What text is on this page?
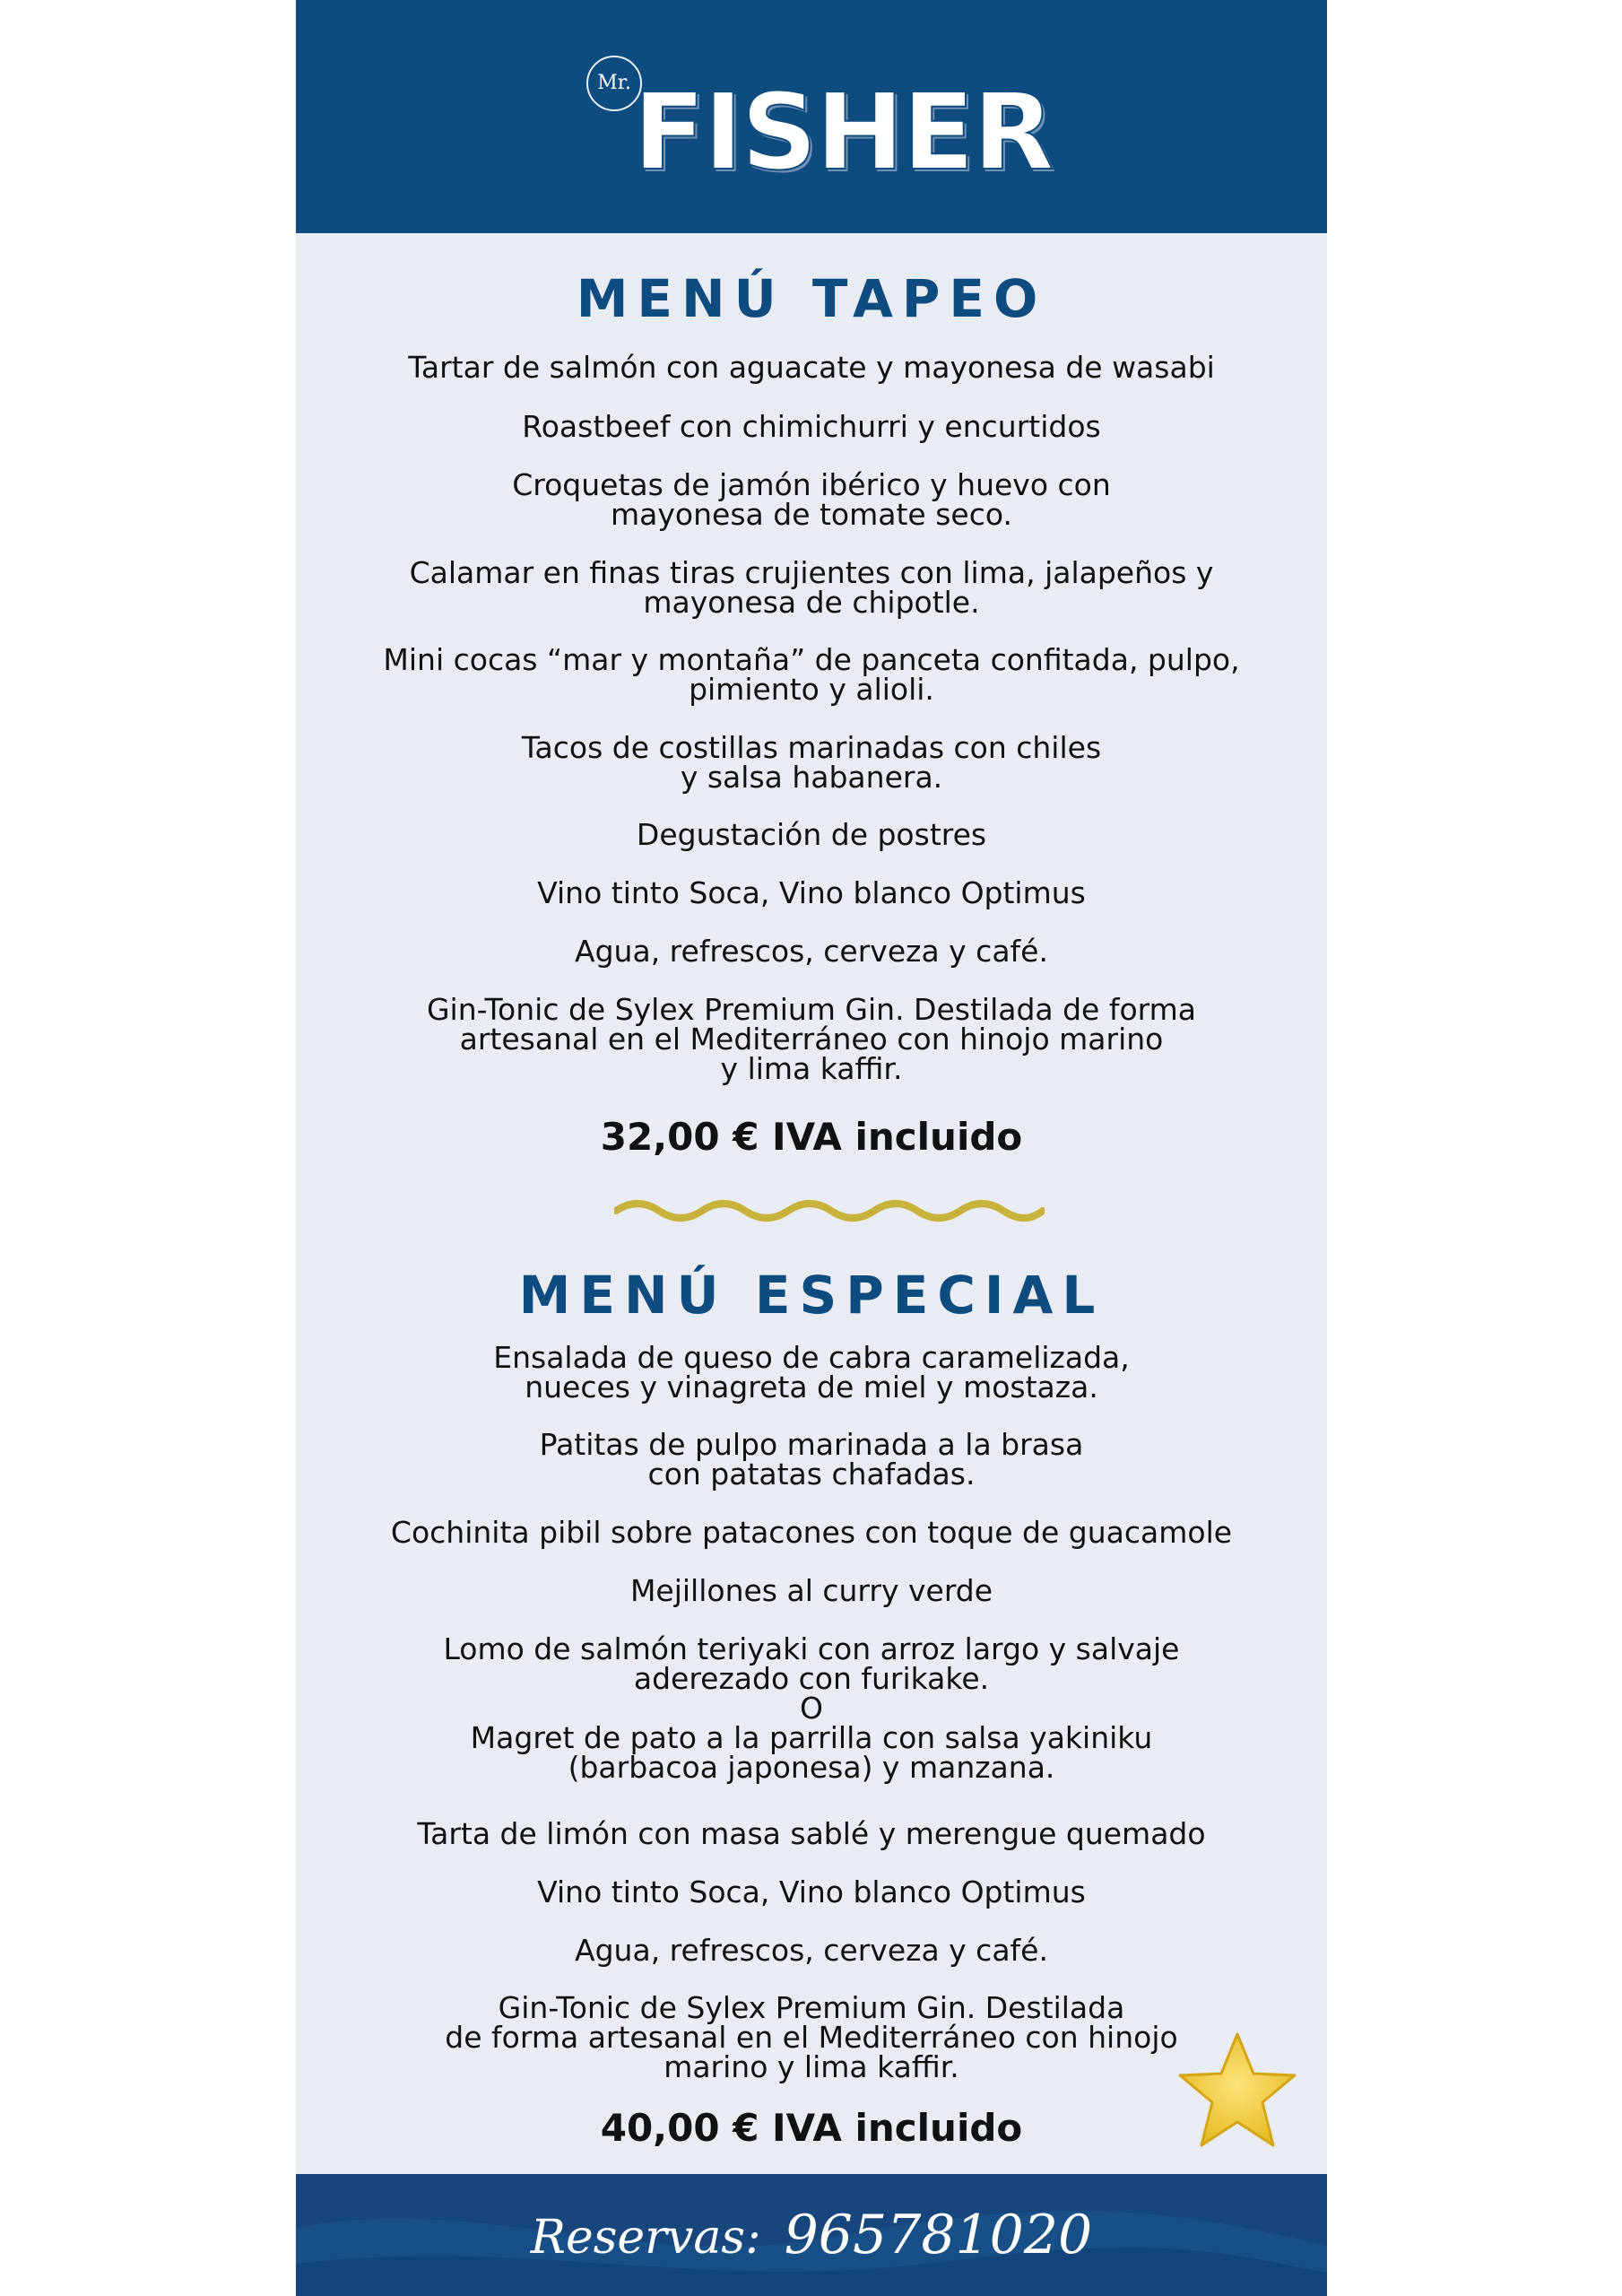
Mr. FISHER
MENÚ TAPEO
Tartar de salmón con aguacate y mayonesa de wasabi
Roastbeef con chimichurri y encurtidos
Croquetas de jamón ibérico y huevo con
mayonesa de tomate seco.
Calamar en finas tiras crujientes con lima, jalapeños y
mayonesa de chipotle.
Mini cocas “mar y montaña” de panceta confitada, pulpo,
pimiento y alioli.
Tacos de costillas marinadas con chiles
y salsa habanera.
Degustación de postres
Vino tinto Soca, Vino blanco Optimus
Agua, refrescos, cerveza y café.
Gin-Tonic de Sylex Premium Gin. Destilada de forma
artesanal en el Mediterráneo con hinojo marino
y lima kaffir.
32,00 € IVA incluido
MENÚ ESPECIAL
Ensalada de queso de cabra caramelizada,
nueces y vinagreta de miel y mostaza.
Patitas de pulpo marinada a la brasa
con patatas chafadas.
Cochinita pibil sobre patacones con toque de guacamole
Mejillones al curry verde
Lomo de salmón teriyaki con arroz largo y salvaje
aderezado con furikake.
O
Magret de pato a la parrilla con salsa yakiniku
(barbacoa japonesa) y manzana.
Tarta de limón con masa sablé y merengue quemado
Vino tinto Soca, Vino blanco Optimus
Agua, refrescos, cerveza y café.
Gin-Tonic de Sylex Premium Gin. Destilada
de forma artesanal en el Mediterráneo con hinojo
marino y lima kaffir.
40,00 € IVA incluido
Reservas: 965781020
